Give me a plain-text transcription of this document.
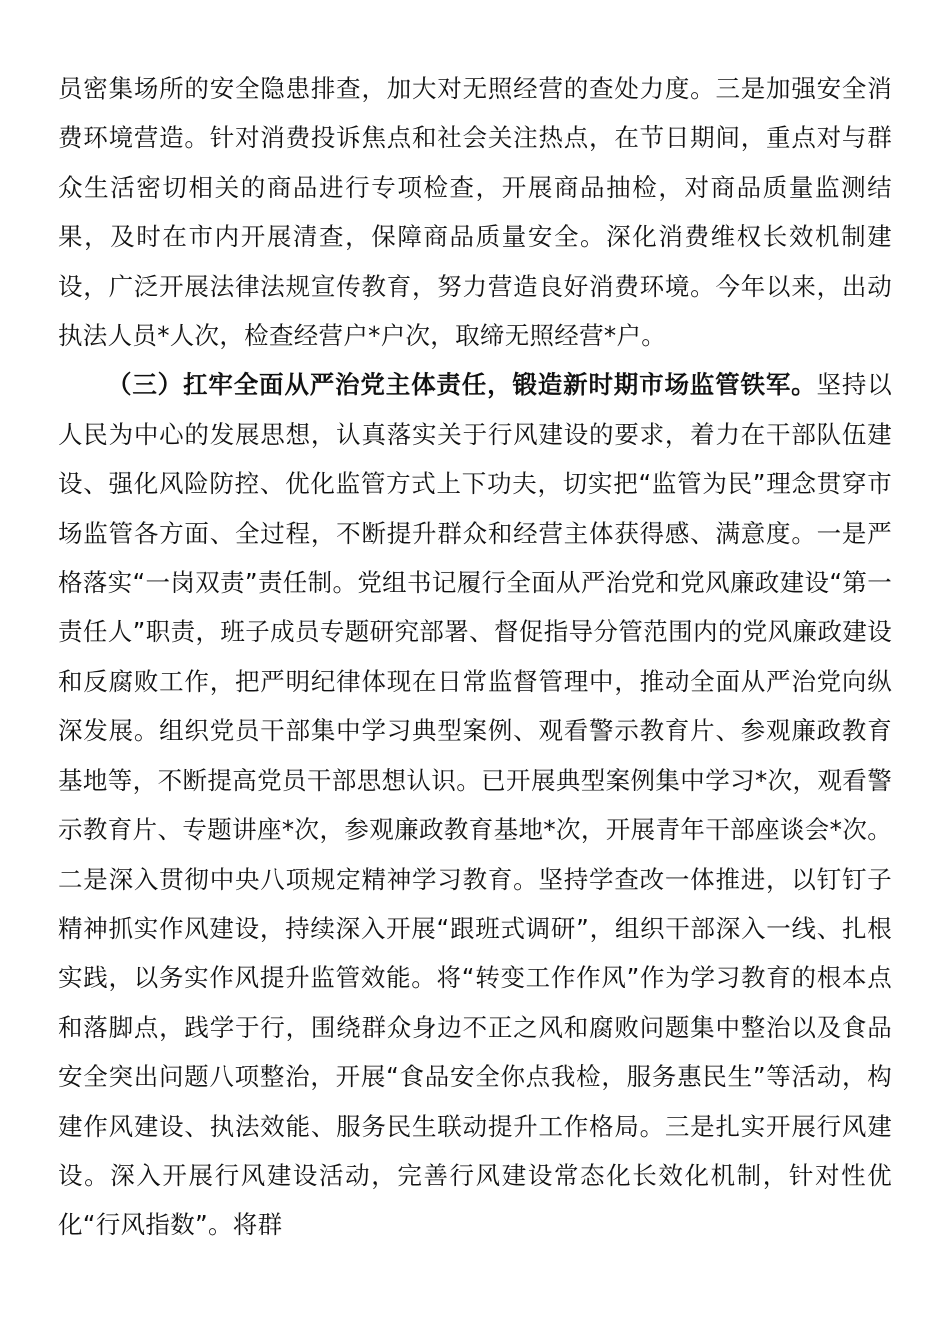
员密集场所的安全隐患排查，加大对无照经营的查处力度。三是加强安全消费环境营造。针对消费投诉焦点和社会关注热点，在节日期间，重点对与群众生活密切相关的商品进行专项检查，开展商品抽检，对商品质量监测结果，及时在市内开展清查，保障商品质量安全。深化消费维权长效机制建设，广泛开展法律法规宣传教育，努力营造良好消费环境。今年以来，出动执法人员*人次，检查经营户*户次，取缔无照经营*户。

（三）扛牢全面从严治党主体责任，锻造新时期市场监管铁军。坚持以人民为中心的发展思想，认真落实关于行风建设的要求，着力在干部队伍建设、强化风险防控、优化监管方式上下功夫，切实把“监管为民”理念贯穿市场监管各方面、全过程，不断提升群众和经营主体获得感、满意度。一是严格落实“一岗双责”责任制。党组书记履行全面从严治党和党风廉政建设“第一责任人”职责，班子成员专题研究部署、督促指导分管范围内的党风廉政建设和反腐败工作，把严明纪律体现在日常监督管理中，推动全面从严治党向纵深发展。组织党员干部集中学习典型案例、观看警示教育片、参观廉政教育基地等，不断提高党员干部思想认识。已开展典型案例集中学习*次，观看警示教育片、专题讲座*次，参观廉政教育基地*次，开展青年干部座谈会*次。二是深入贯彻中央八项规定精神学习教育。坚持学查改一体推进，以钉钉子精神抓实作风建设，持续深入开展“跟班式调研”，组织干部深入一线、扎根实践，以务实作风提升监管效能。将“转变工作作风”作为学习教育的根本点和落脚点，践学于行，围绕群众身边不正之风和腐败问题集中整治以及食品安全突出问题八项整治，开展“食品安全你点我检，服务惠民生”等活动，构建作风建设、执法效能、服务民生联动提升工作格局。三是扎实开展行风建设。深入开展行风建设活动，完善行风建设常态化长效化机制，针对性优化“行风指数”。将群
